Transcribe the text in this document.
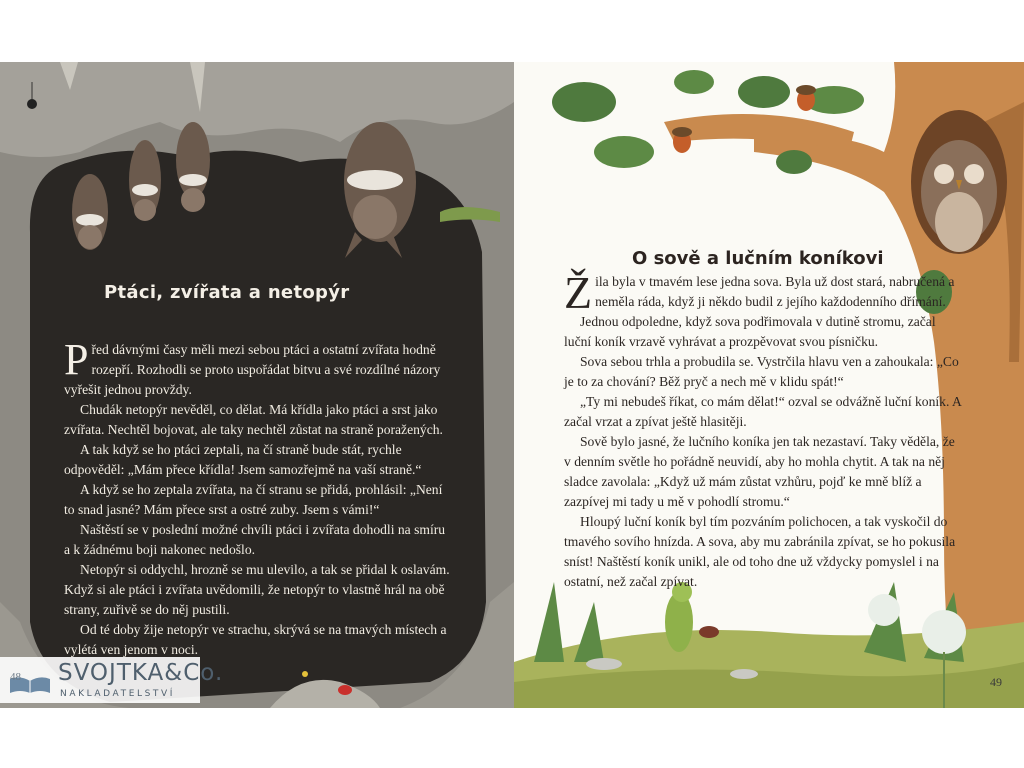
Ptáci, zvířata a netopýr

Před dávnými časy měli mezi sebou ptáci a ostatní zvířata hodně rozepří. Rozhodli se proto uspořádat bitvu a své rozdílné názory vyřešit jednou provždy.

Chudák netopýr nevěděl, co dělat. Má křídla jako ptáci a srst jako zvířata. Nechtěl bojovat, ale taky nechtěl zůstat na straně poražených.

A tak když se ho ptáci zeptali, na čí straně bude stát, rychle odpověděl: „Mám přece křídla! Jsem samozřejmě na vaší straně.“

A když se ho zeptala zvířata, na čí stranu se přidá, prohlásil: „Není to snad jasné? Mám přece srst a ostré zuby. Jsem s vámi!“

Naštěstí se v poslední možné chvíli ptáci i zvířata dohodli na smíru a k žádnému boji nakonec nedošlo.

Netopýr si oddychl, hrozně se mu ulevilo, a tak se přidal k oslavám. Když si ale ptáci i zvířata uvědomili, že netopýr to vlastně hrál na obě strany, zuřivě se do něj pustili.

Od té doby žije netopýr ve strachu, skrývá se na tmavých místech a vylétá ven jenom v noci.

O sově a lučním koníkovi

Žila byla v tmavém lese jedna sova. Byla už dost stará, nabručená a neměla ráda, když ji někdo budil z jejího každodenního dřímání.

Jednou odpoledne, když sova podřimovala v dutině stromu, začal luční koník vrzavě vyhrávat a prozpěvovat svou písničku.

Sova sebou trhla a probudila se. Vystrčila hlavu ven a zahoukala: „Co je to za chování? Běž pryč a nech mě v klidu spát!“

„Ty mi nebudeš říkat, co mám dělat!“ ozval se odvážně luční koník. A začal vrzat a zpívat ještě hlasitěji.

Sově bylo jasné, že lučního koníka jen tak nezastaví. Taky věděla, že v denním světle ho pořádně neuvidí, aby ho mohla chytit. A tak na něj sladce zavolala: „Když už mám zůstat vzhůru, pojď ke mně blíž a zazpívej mi tady u mě v pohodlí stromu.“

Hloupý luční koník byl tím pozváním polichocen, a tak vyskočil do tmavého sovího hnízda. A sova, aby mu zabránila zpívat, se ho pokusila sníst! Naštěstí koník unikl, ale od toho dne už vždycky pomyslel i na ostatní, než začal zpívat.

49
48 SVOJTKA&Co.
NAKLADATELSTVÍ
